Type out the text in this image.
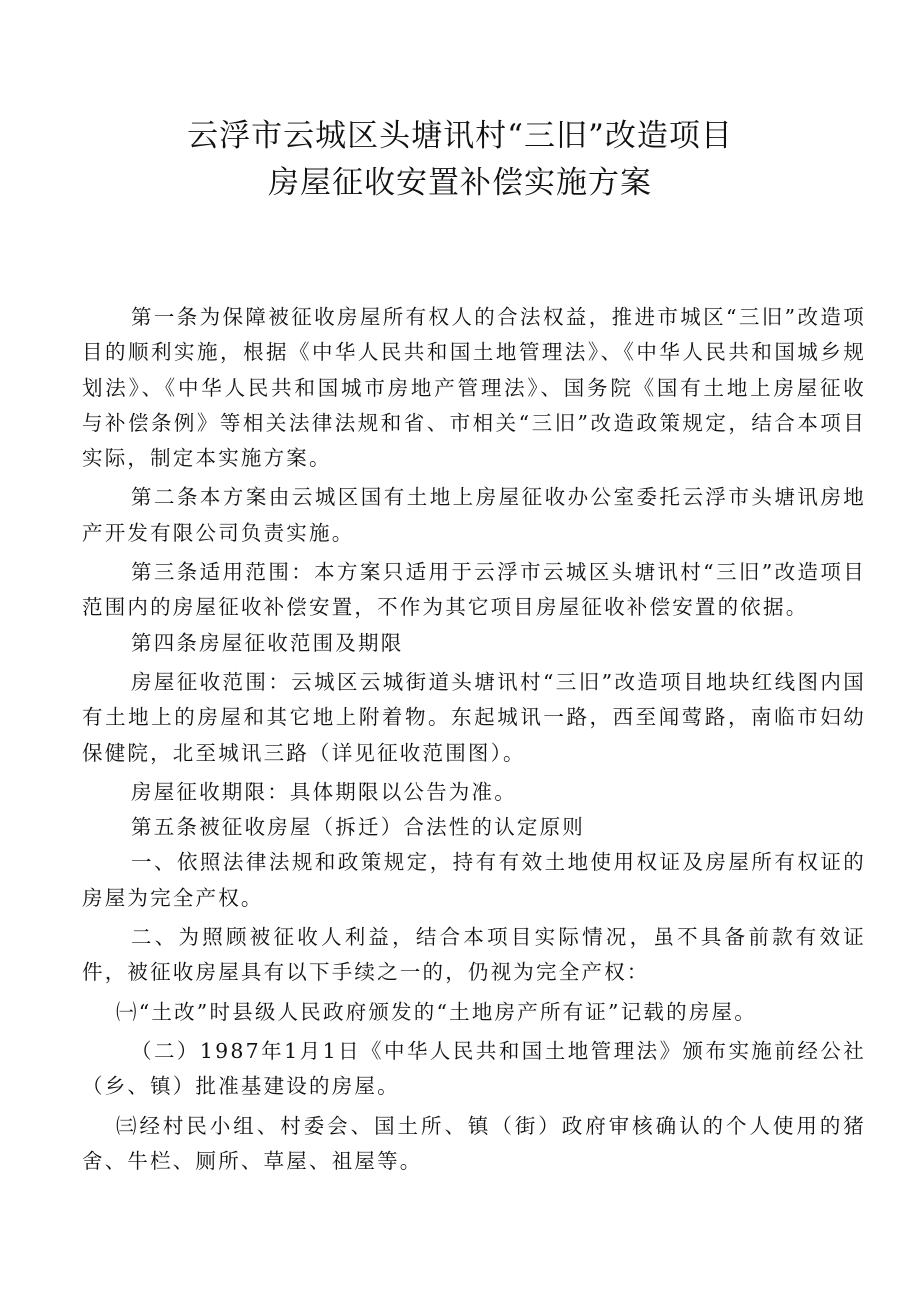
云浮市云城区头塘讯村“三旧”改造项目
房屋征收安置补偿实施方案

第一条为保障被征收房屋所有权人的合法权益，推进市城区“三旧”改造项目的顺利实施，根据《中华人民共和国土地管理法》、《中华人民共和国城乡规划法》、《中华人民共和国城市房地产管理法》、国务院《国有土地上房屋征收与补偿条例》等相关法律法规和省、市相关“三旧”改造政策规定，结合本项目实际，制定本实施方案。

第二条本方案由云城区国有土地上房屋征收办公室委托云浮市头塘讯房地产开发有限公司负责实施。

第三条适用范围：本方案只适用于云浮市云城区头塘讯村“三旧”改造项目范围内的房屋征收补偿安置，不作为其它项目房屋征收补偿安置的依据。

第四条房屋征收范围及期限

房屋征收范围：云城区云城街道头塘讯村“三旧”改造项目地块红线图内国有土地上的房屋和其它地上附着物。东起城讯一路，西至闻莺路，南临市妇幼保健院，北至城讯三路（详见征收范围图）。

房屋征收期限：具体期限以公告为准。

第五条被征收房屋（拆迁）合法性的认定原则

一、依照法律法规和政策规定，持有有效土地使用权证及房屋所有权证的房屋为完全产权。

二、为照顾被征收人利益，结合本项目实际情况，虽不具备前款有效证件，被征收房屋具有以下手续之一的，仍视为完全产权：

㈠“土改”时县级人民政府颁发的“土地房产所有证”记载的房屋。

（二）1987年1月1日《中华人民共和国土地管理法》颁布实施前经公社（乡、镇）批准基建设的房屋。

㈢经村民小组、村委会、国土所、镇（街）政府审核确认的个人使用的猪舍、牛栏、厕所、草屋、祖屋等。
